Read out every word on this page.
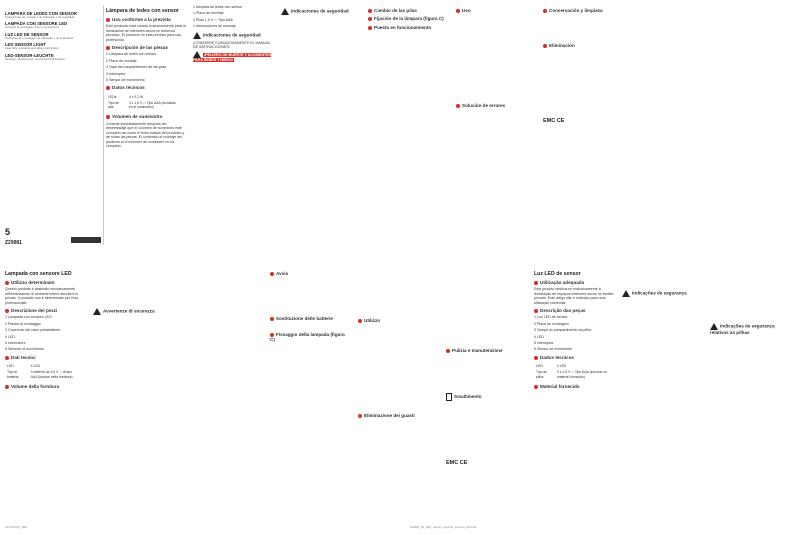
LAMPARA DE LEDES CON SENSOR
Instrucciones de montaje y de utilización y de seguridad
LAMPADA CON SENSORE LED
Istruzioni di montaggio, d'uso e di sicurezza
LUZ LED DE SENSOR
Instruções de montagem, de utilização e de segurança
LED SENSOR LIGHT
Assembly, operating and safety instructions
LED-SENSOR-LEUCHTE
Montage-, Bedienungs- und Sicherheitshinweise
5
Z29981
Lámpara de ledes con sensor
Uso conforme a la prevista
Este producto está creado exclusivamente para la iluminación de interiores secos en entornos privados. El producto no está previsto para uso profesional.
Descripción de las piezas
1 Lámpara de ledes con sensor
2 Placa de montaje
3 Tapa del compartimento de las pilas
4 Interruptor
5 Sensor de movimiento
Datos técnicos
LEDs:	4 x 0,2 W
Tipo de pila:	3 x 1,5 V ⎓ Tipo AAA (incluidas en el suministro)
Volumen de suministro
Controle inmediatamente después del desembalaje que el volumen de suministro esté completo así como el buen estado del producto y de todas las piezas. El contenido el montaje del producto si el volumen de suministro no es completo.
1 lámpara de ledes con sensor
1 Placa de montaje
2 Pilas 1,5 V ⎓ Tipo AAA
1 Instrucciones de montaje
Indicaciones de seguridad
¡CONSERVE CUIDADOSAMENTE EL MANUAL DE INSTRUCCIONES!
¡PELIGRO DE MUERTE Y ACCIDENTES PARA BEBÉS Y NIÑOS!
Indicaciones de seguridad	Cambio de las pilas
Fijación de la lámpara (figura C)
Puesta en funcionamiento
Uso
Solución de errores
Conservación y limpieza
Eliminación
EMC CE
Lampada con sensore LED
Utilizzo determinato
Questo prodotto è destinato esclusivamente all'illuminazione di ambienti interni asciutti e in privato. Il prodotto non è determinato per l'uso professionale.
Descrizione dei pezzi
1 Lampada con sensore LED
2 Piastra di montaggio
3 Coperchio del vano portabatterie
4 LED
5 Interruttore
6 Sensore di movimento
Dati tecnici
LED:	4 LED
Tipo di batteria:	3 batterie da 1,5 V ⎓ di tipo AAA (incluse nella fornitura)
Volume della fornitura
Avvertenze di sicurezza
Avvio
Sostituzione delle batterie
Fissaggio della lampada (figura C)
Utilizzo
Eliminazione dei guasti
Pulizia e manutenzione
Smaltimento
EMC CE
Luz LED de sensor
Utilização adequada
Este produto destina-se exclusivamente à iluminação de espaços interiores secos no âmbito privado. Este artigo não é indicado para uma utilização comercial.
Descrição das peças
1 Luz LED de sensor
2 Placa de montagem
3 Tampa do compartimento da pilha
4 LED
5 Interruptor
6 Sensor de movimento
Dados técnicos
LED:	4 LED
Tipo de pilha:	3 x 1,5 V ⎓ Tipo AAA (incluído no material fornecido)
Material fornecido
Indicações de segurança
Indicações de segurança relativas às pilhas
IAN 314316_1807	Z29981_Bs_LED_Sensor_Leuchte_Content_OS.indd
